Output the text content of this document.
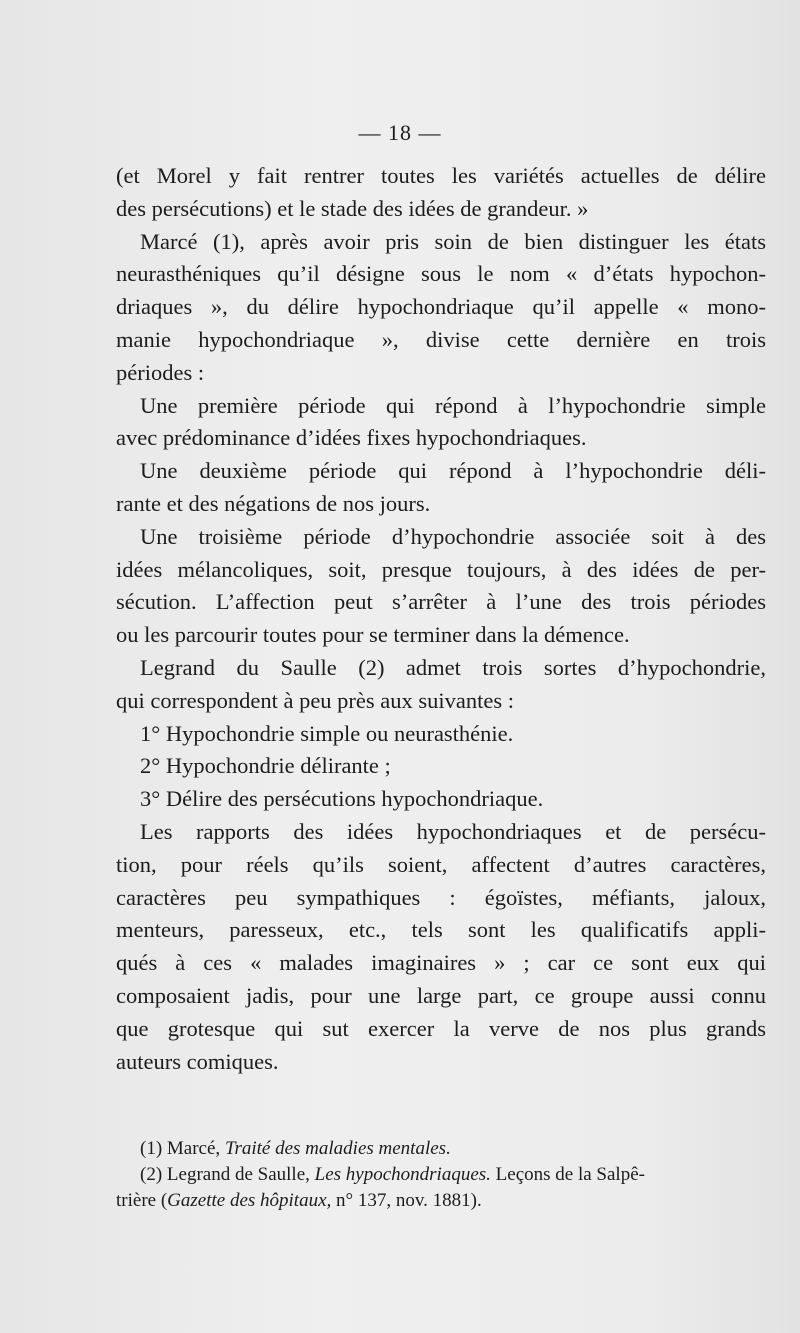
— 18 —
(et Morel y fait rentrer toutes les variétés actuelles de délire
des persécutions) et le stade des idées de grandeur. »
Marcé (1), après avoir pris soin de bien distinguer les états
neurasthéniques qu’il désigne sous le nom « d’états hypochon-
driaques », du délire hypochondriaque qu’il appelle « mono-
manie hypochondriaque », divise cette dernière en trois
périodes :
Une première période qui répond à l’hypochondrie simple
avec prédominance d’idées fixes hypochondriaques.
Une deuxième période qui répond à l’hypochondrie déli-
rante et des négations de nos jours.
Une troisième période d’hypochondrie associée soit à des
idées mélancoliques, soit, presque toujours, à des idées de per-
sécution. L’affection peut s’arrêter à l’une des trois périodes
ou les parcourir toutes pour se terminer dans la démence.
Legrand du Saulle (2) admet trois sortes d’hypochondrie,
qui correspondent à peu près aux suivantes :
1° Hypochondrie simple ou neurasthénie.
2° Hypochondrie délirante ;
3° Délire des persécutions hypochondriaque.
Les rapports des idées hypochondriaques et de persécu-
tion, pour réels qu’ils soient, affectent d’autres caractères,
caractères peu sympathiques : égoïstes, méfiants, jaloux,
menteurs, paresseux, etc., tels sont les qualificatifs appli-
qués à ces « malades imaginaires » ; car ce sont eux qui
composaient jadis, pour une large part, ce groupe aussi connu
que grotesque qui sut exercer la verve de nos plus grands
auteurs comiques.
(1) Marcé, Traité des maladies mentales.
(2) Legrand de Saulle, Les hypochondriaques. Leçons de la Salpê-
trière (Gazette des hôpitaux, n° 137, nov. 1881).
